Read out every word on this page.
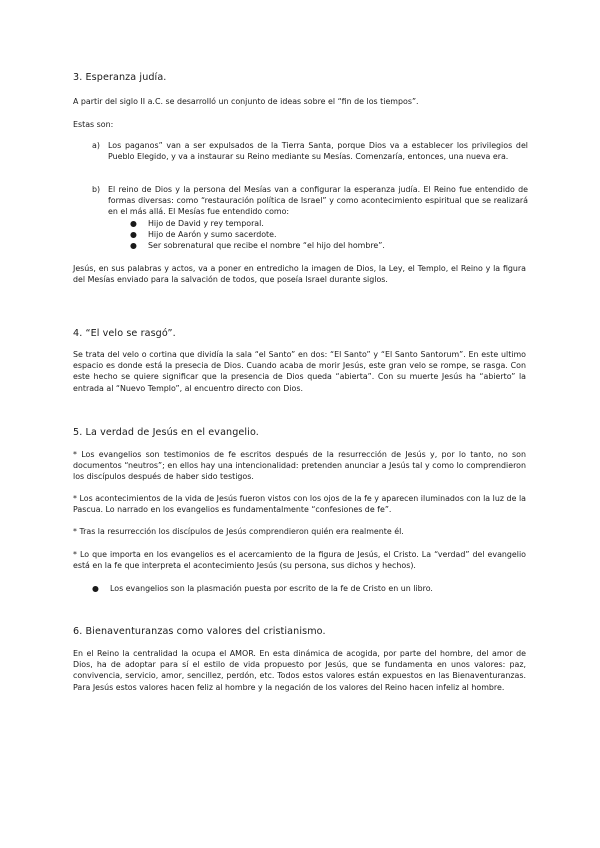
3. Esperanza judía.

A partir del siglo II a.C. se desarrolló un conjunto de ideas sobre el “fin de los tiempos”.

Estas son:

a) Los paganos” van a ser expulsados de la Tierra Santa, porque Dios va a establecer los privilegios del Pueblo Elegido, y va a instaurar su Reino mediante su Mesías. Comenzaría, entonces, una nueva era.
b) El reino de Dios y la persona del Mesías van a configurar la esperanza judía. El Reino fue entendido de formas diversas: como “restauración política de Israel” y como acontecimiento espiritual que se realizará en el más allá. El Mesías fue entendido como:
● Hijo de David y rey temporal.
● Hijo de Aarón y sumo sacerdote.
● Ser sobrenatural que recibe el nombre “el hijo del hombre”.

Jesús, en sus palabras y actos, va a poner en entredicho la imagen de Dios, la Ley, el Templo, el Reino y la figura del Mesías enviado para la salvación de todos, que poseía Israel durante siglos.

4. “El velo se rasgó”.

Se trata del velo o cortina que dividía la sala “el Santo” en dos: “El Santo” y “El Santo Santorum”. En este ultimo espacio es donde está la presecia de Dios. Cuando acaba de morir Jesús, este gran velo se rompe, se rasga. Con este hecho se quiere significar que la presencia de Dios queda “abierta”. Con su muerte Jesús ha “abierto” la entrada al “Nuevo Templo”, al encuentro directo con Dios.

5. La verdad de Jesús en el evangelio.

* Los evangelios son testimonios de fe escritos después de la resurrección de Jesús y, por lo tanto, no son documentos “neutros”; en ellos hay una intencionalidad: pretenden anunciar a Jesús tal y como lo comprendieron los discípulos después de haber sido testigos.

* Los acontecimientos de la vida de Jesús fueron vistos con los ojos de la fe y aparecen iluminados con la luz de la Pascua. Lo narrado en los evangelios es fundamentalmente “confesiones de fe”.

* Tras la resurrección los discípulos de Jesús comprendieron quién era realmente él.

* Lo que importa en los evangelios es el acercamiento de la figura de Jesús, el Cristo. La “verdad” del evangelio está en la fe que interpreta el acontecimiento Jesús (su persona, sus dichos y hechos).

● Los evangelios son la plasmación puesta por escrito de la fe de Cristo en un libro.
6. Bienaventuranzas como valores del cristianismo.

En el Reino la centralidad la ocupa el AMOR. En esta dinámica de acogida, por parte del hombre, del amor de Dios, ha de adoptar para sí el estilo de vida propuesto por Jesús, que se fundamenta en unos valores: paz, convivencia, servicio, amor, sencillez, perdón, etc. Todos estos valores están expuestos en las Bienaventuranzas. Para Jesús estos valores hacen feliz al hombre y la negación de los valores del Reino hacen infeliz al hombre.
